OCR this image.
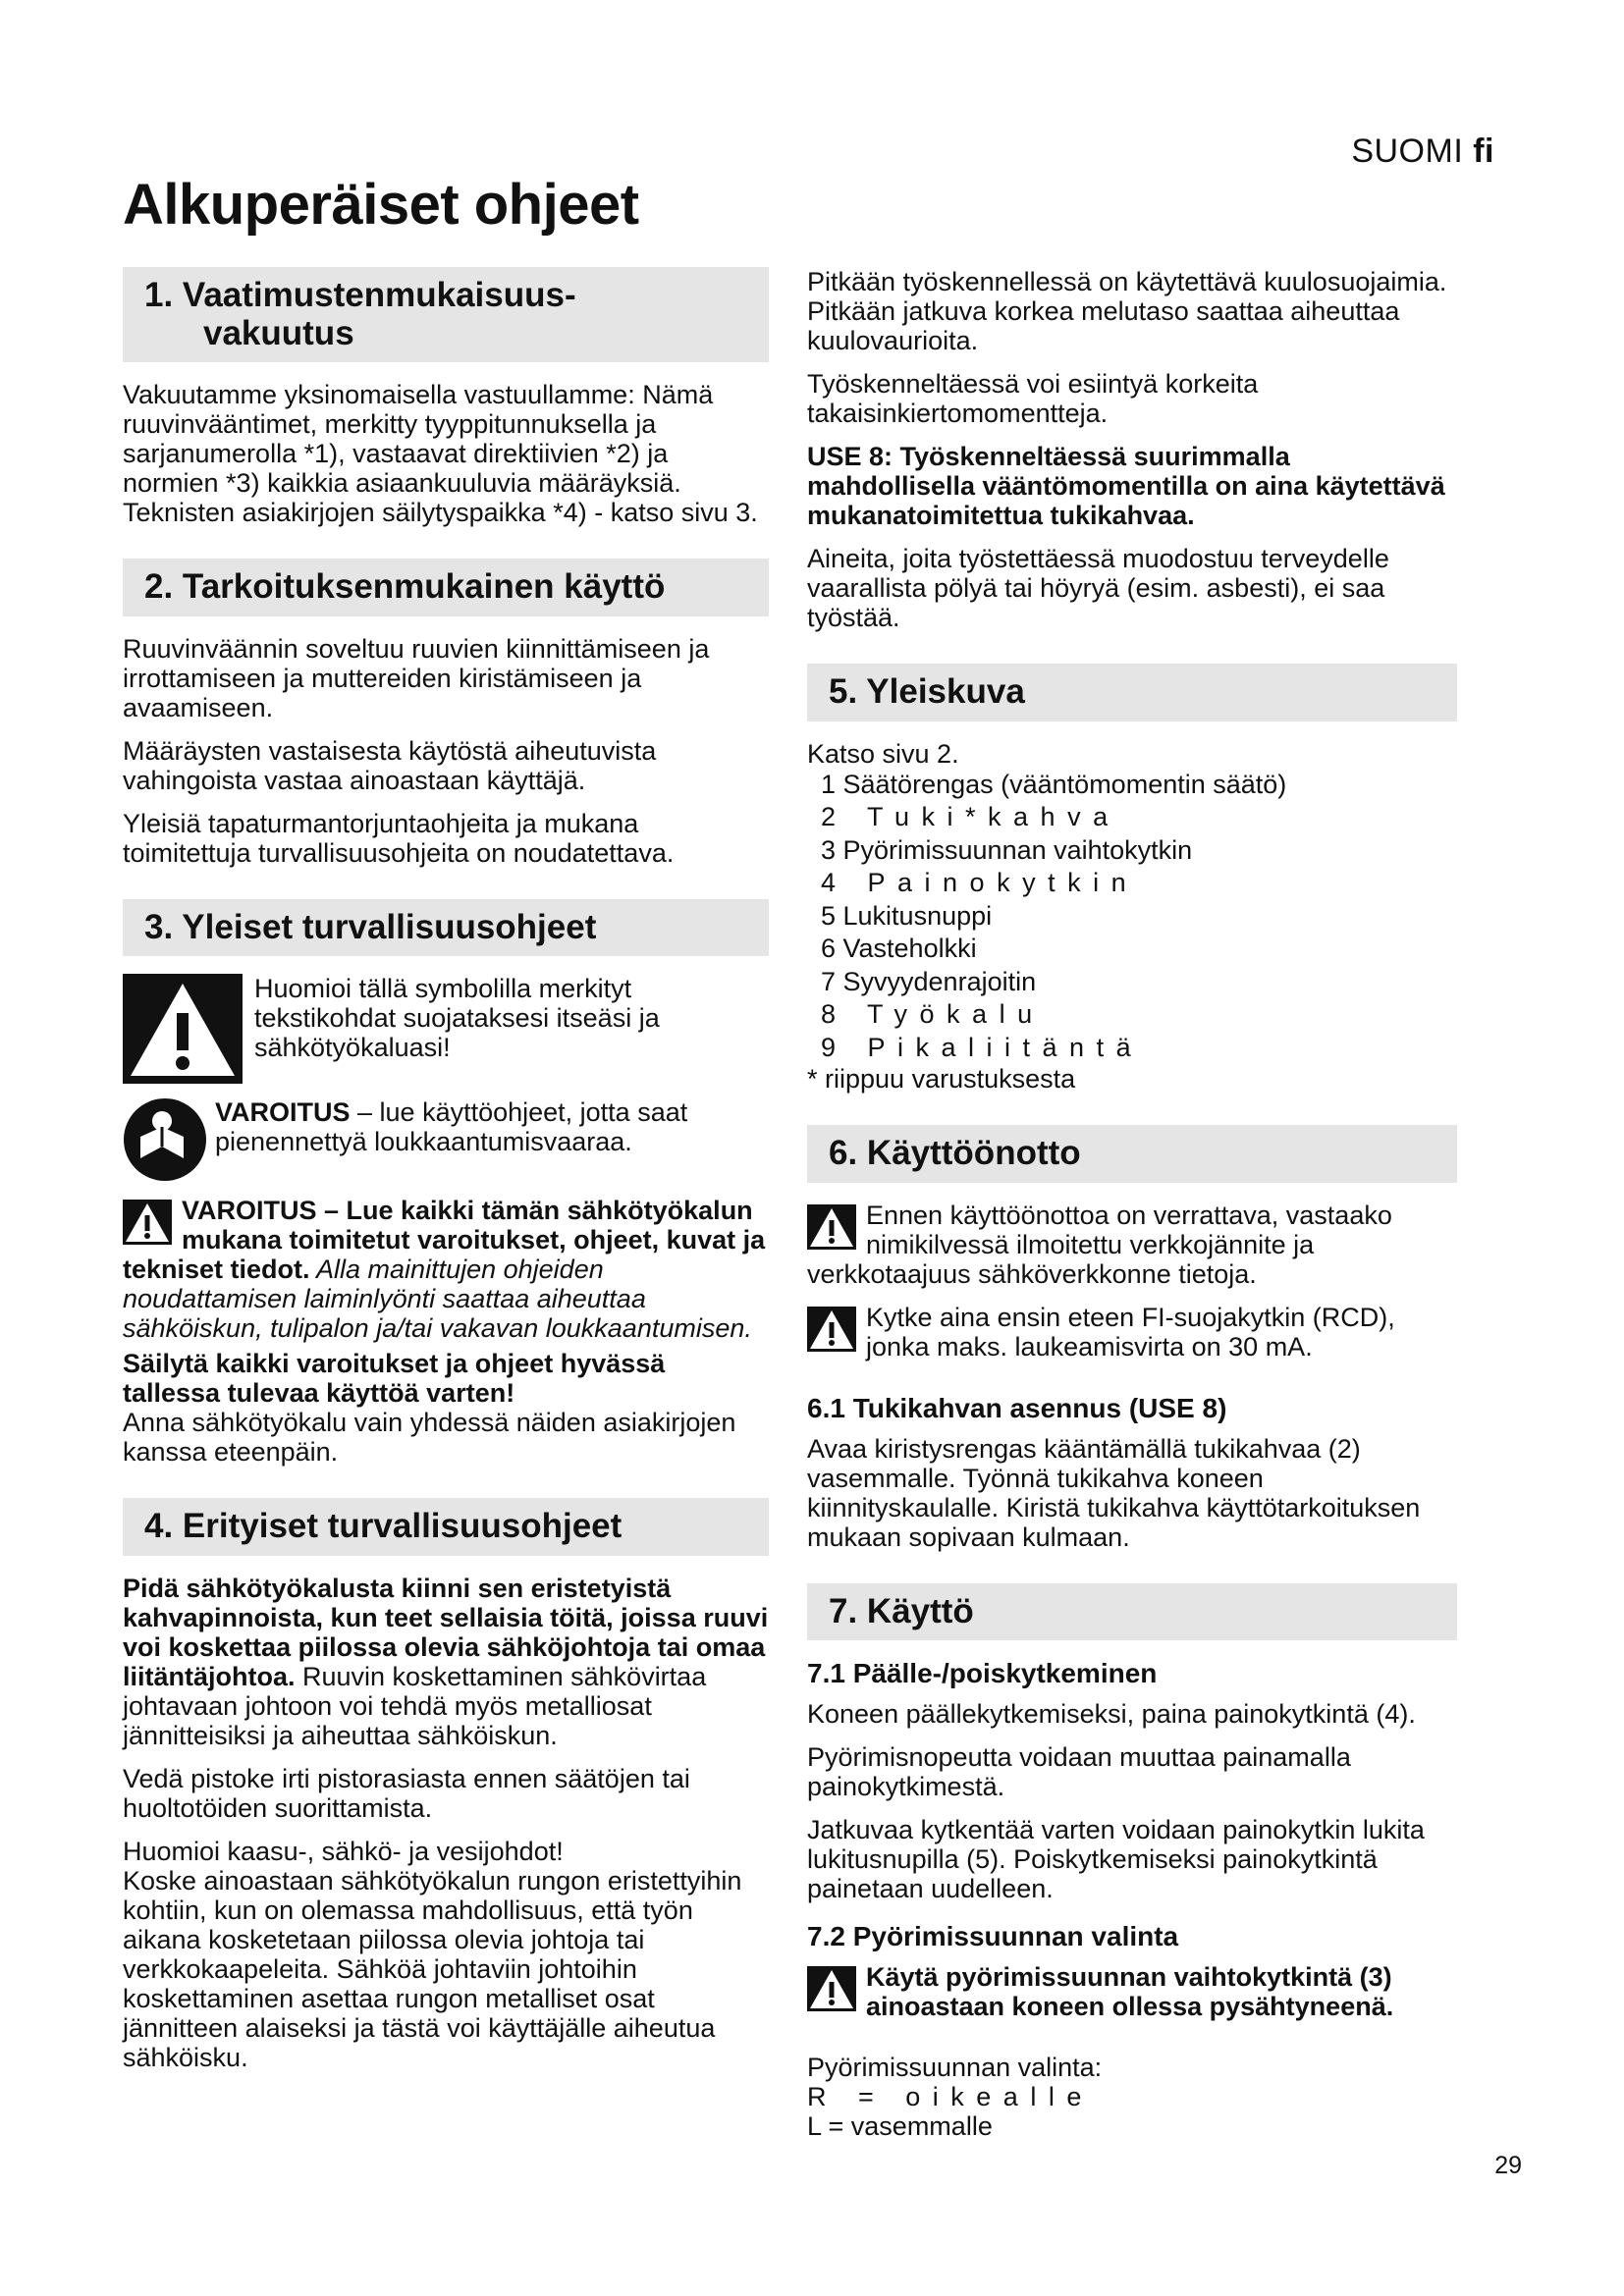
SUOMI fi
Alkuperäiset ohjeet
1. Vaatimustenmukaisuus-
vakuutus

Vakuutamme yksinomaisella vastuullamme: Nämä ruuvinvääntimet, merkitty tyyppitunnuksella ja sarjanumerolla *1), vastaavat direktiivien *2) ja normien *3) kaikkia asiaankuuluvia määräyksiä. Teknisten asiakirjojen säilytyspaikka *4) - katso sivu 3.

2. Tarkoituksenmukainen käyttö

Ruuvinväännin soveltuu ruuvien kiinnittämiseen ja irrottamiseen ja muttereiden kiristämiseen ja avaamiseen.

Määräysten vastaisesta käytöstä aiheutuvista vahingoista vastaa ainoastaan käyttäjä.

Yleisiä tapaturmantorjuntaohjeita ja mukana toimitettuja turvallisuusohjeita on noudatettava.

3. Yleiset turvallisuusohjeet

Huomioi tällä symbolilla merkityt tekstikohdat suojataksesi itseäsi ja sähkötyökaluasi!

VAROITUS – lue käyttöohjeet, jotta saat pienennettyä loukkaantumisvaaraa.

VAROITUS – Lue kaikki tämän sähkötyökalun mukana toimitetut varoitukset, ohjeet, kuvat ja tekniset tiedot. Alla mainittujen ohjeiden noudattamisen laiminlyönti saattaa aiheuttaa sähköiskun, tulipalon ja/tai vakavan loukkaantumisen.

Säilytä kaikki varoitukset ja ohjeet hyvässä tallessa tulevaa käyttöä varten!

Anna sähkötyökalu vain yhdessä näiden asiakirjojen kanssa eteenpäin.

4. Erityiset turvallisuusohjeet

Pidä sähkötyökalusta kiinni sen eristetyistä kahvapinnoista, kun teet sellaisia töitä, joissa ruuvi voi koskettaa piilossa olevia sähköjohtoja tai omaa liitäntäjohtoa. Ruuvin koskettaminen sähkövirtaa johtavaan johtoon voi tehdä myös metalliosat jännitteisiksi ja aiheuttaa sähköiskun.

Vedä pistoke irti pistorasiasta ennen säätöjen tai huoltotöiden suorittamista.

Huomioi kaasu-, sähkö- ja vesijohdot!

Koske ainoastaan sähkötyökalun rungon eristettyihin kohtiin, kun on olemassa mahdollisuus, että työn aikana kosketetaan piilossa olevia johtoja tai verkkokaapeleita. Sähköä johtaviin johtoihin koskettaminen asettaa rungon metalliset osat jännitteen alaiseksi ja tästä voi käyttäjälle aiheutua sähköisku.

Pitkään työskennellessä on käytettävä kuulosuojaimia. Pitkään jatkuva korkea melutaso saattaa aiheuttaa kuulovaurioita.

Työskenneltäessä voi esiintyä korkeita takaisinkiertomomentteja.

USE 8: Työskenneltäessä suurimmalla mahdollisella vääntömomentilla on aina käytettävä mukanatoimitettua tukikahvaa.

Aineita, joita työstettäessä muodostuu terveydelle vaarallista pölyä tai höyryä (esim. asbesti), ei saa työstää.

5. Yleiskuva

Katso sivu 2.

1 Säätörengas (vääntömomentin säätö)
2 Tuki*kahva
3 Pyörimissuunnan vaihtokytkin
4 Painokytkin
5 Lukitusnuppi
6 Vasteholkki
7 Syvyydenrajoitin
8 Työkalu
9 Pikaliitäntä

* riippuu varustuksesta

6. Käyttöönotto

Ennen käyttöönottoa on verrattava, vastaako nimikilvessä ilmoitettu verkkojännite ja verkkotaajuus sähköverkkonne tietoja.

Kytke aina ensin eteen FI-suojakytkin (RCD), jonka maks. laukeamisvirta on 30 mA.

6.1 Tukikahvan asennus (USE 8)

Avaa kiristysrengas kääntämällä tukikahvaa (2) vasemmalle. Työnnä tukikahva koneen kiinnityskaulalle. Kiristä tukikahva käyttötarkoituksen mukaan sopivaan kulmaan.

7. Käyttö
7.1 Päälle-/poiskytkeminen

Koneen päällekytkemiseksi, paina painokytkintä (4).

Pyörimisnopeutta voidaan muuttaa painamalla painokytkimestä.

Jatkuvaa kytkentää varten voidaan painokytkin lukita lukitusnupilla (5). Poiskytkemiseksi painokytkintä painetaan uudelleen.

7.2 Pyörimissuunnan valinta

Käytä pyörimissuunnan vaihtokytkintä (3) ainoastaan koneen ollessa pysähtyneenä.

Pyörimissuunnan valinta:

R = oikealle

L = vasemmalle

29
